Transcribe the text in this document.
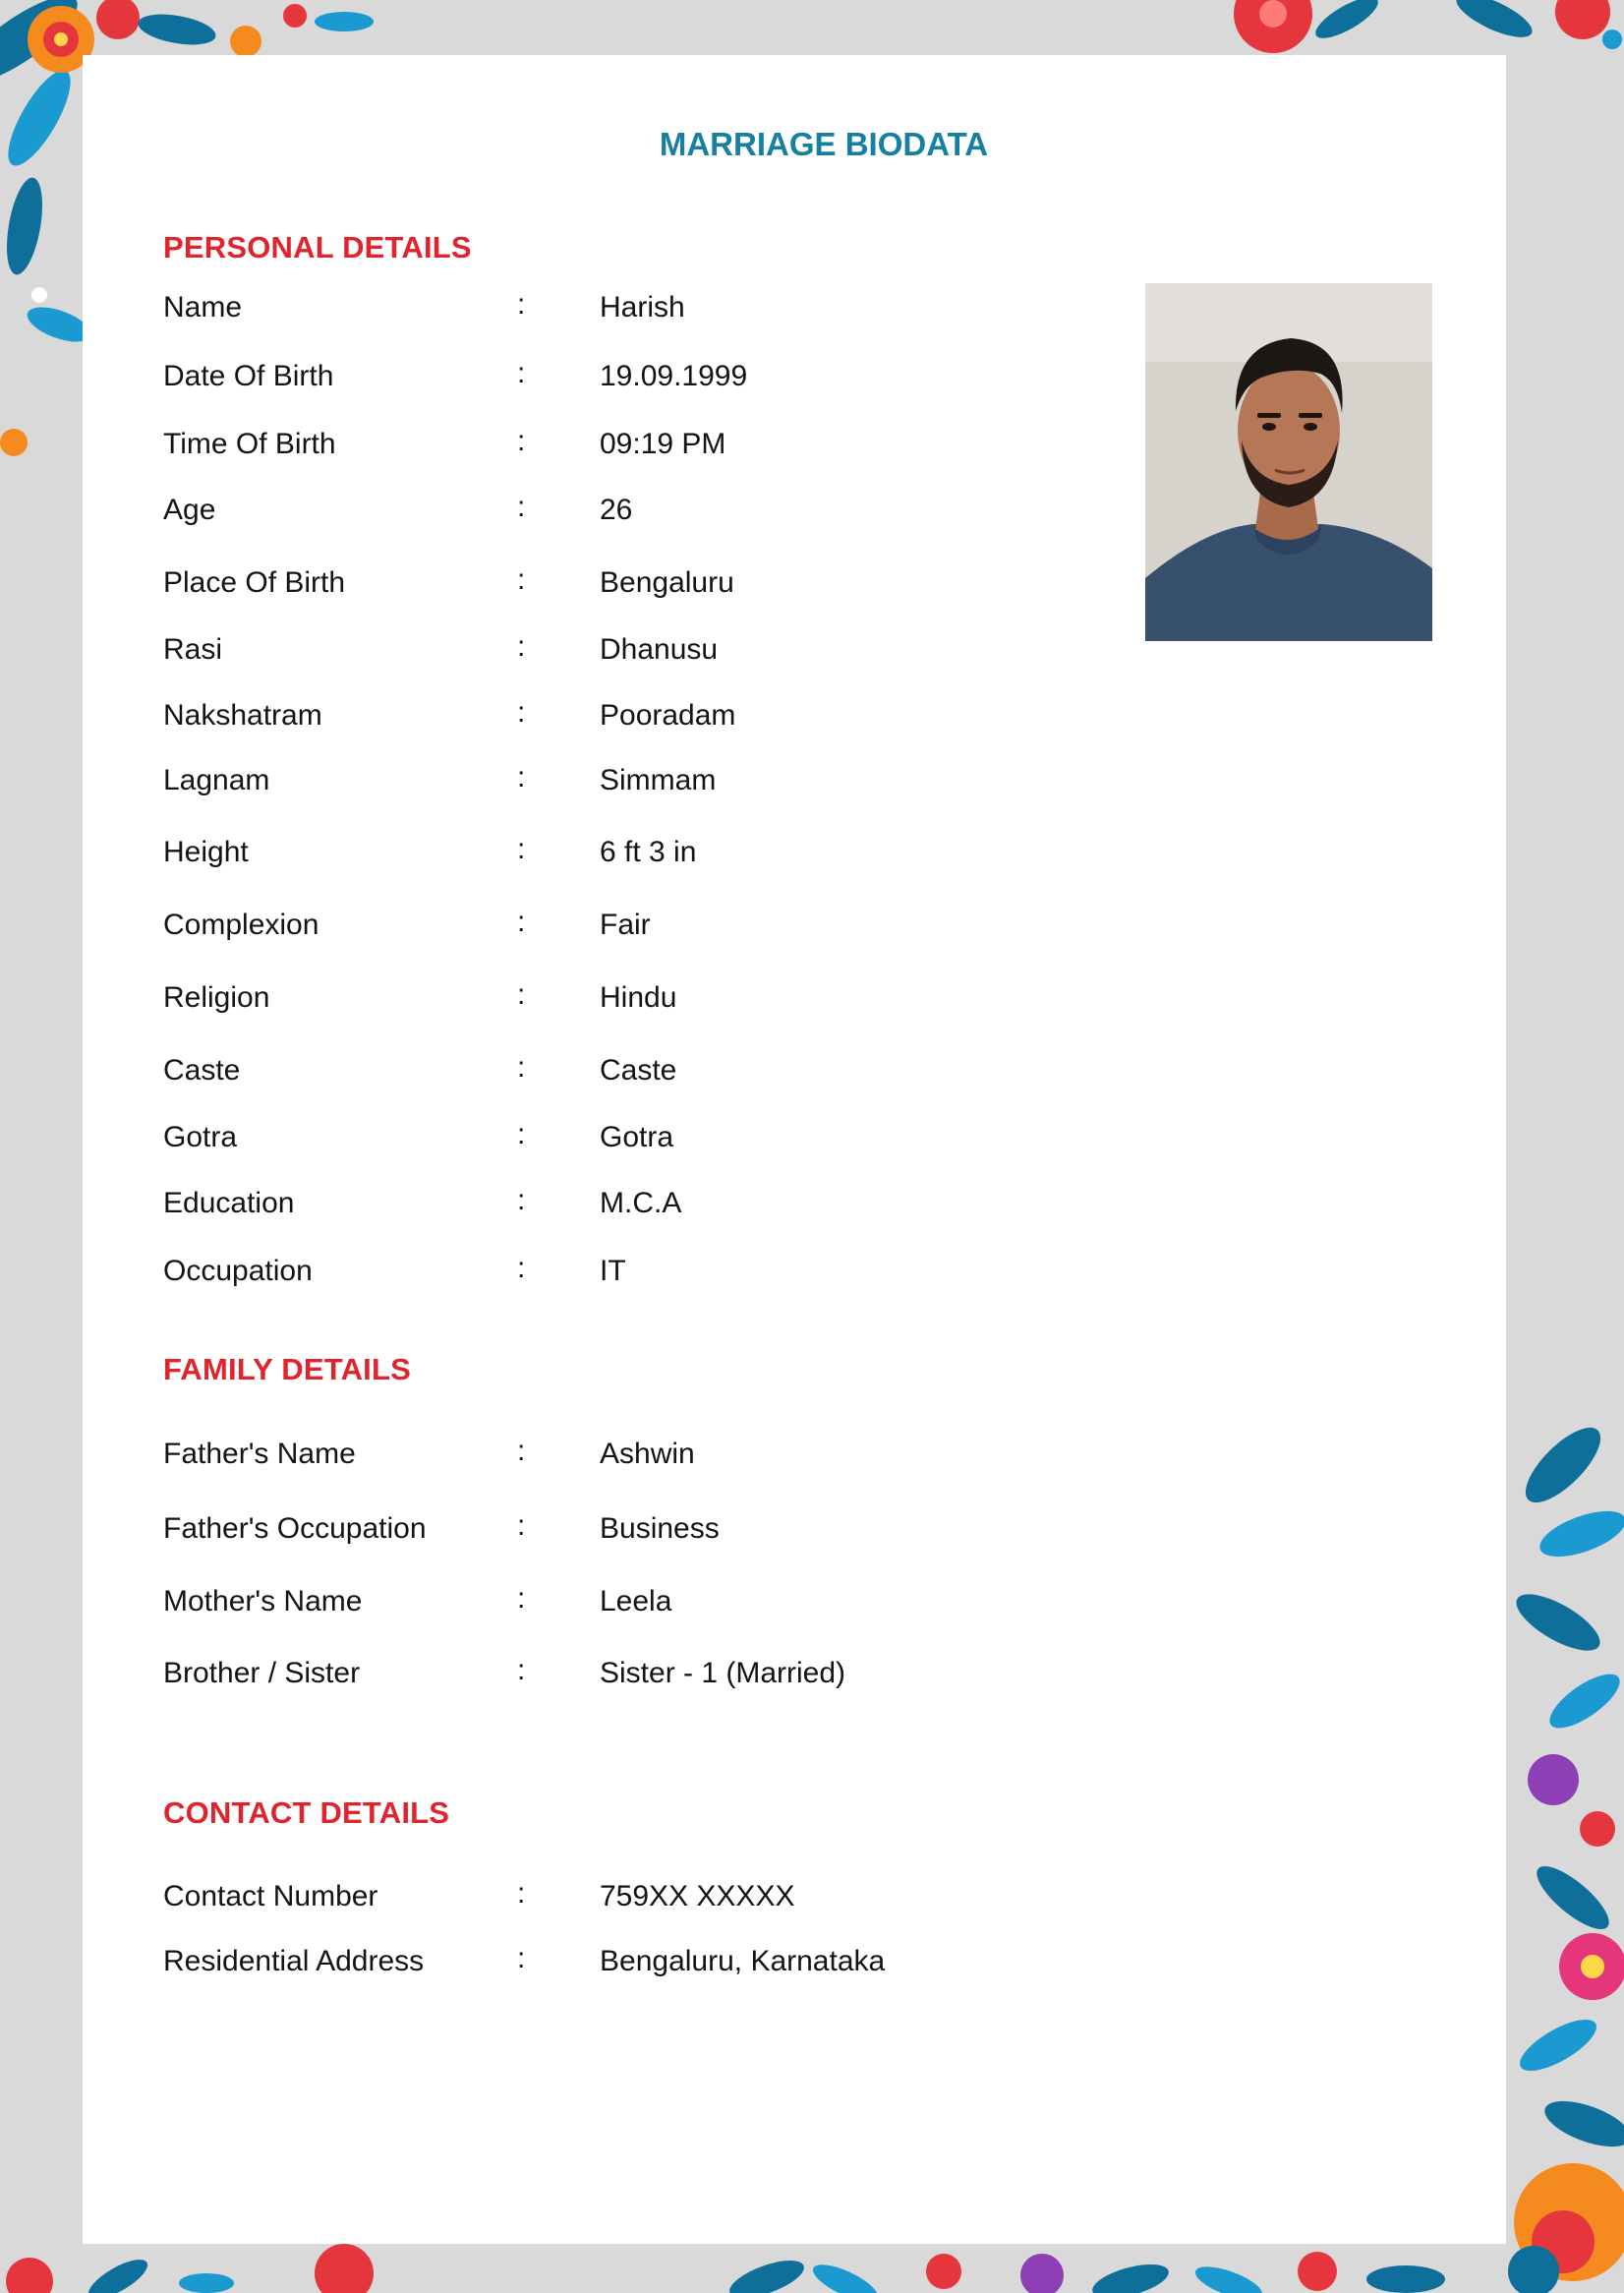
MARRIAGE BIODATA
PERSONAL DETAILS
Name	:	Harish
Date Of Birth	:	19.09.1999
Time Of Birth	:	09:19 PM
Age	:	26
Place Of Birth	:	Bengaluru
Rasi	:	Dhanusu
Nakshatram	:	Pooradam
Lagnam	:	Simmam
Height	:	6 ft 3 in
Complexion	:	Fair
Religion	:	Hindu
Caste	:	Caste
Gotra	:	Gotra
Education	:	M.C.A
Occupation	:	IT
FAMILY DETAILS
Father's Name	:	Ashwin
Father's Occupation	:	Business
Mother's Name	:	Leela
Brother / Sister	:	Sister - 1 (Married)
CONTACT DETAILS
Contact Number	:	759XX XXXXX
Residential Address	:	Bengaluru, Karnataka
